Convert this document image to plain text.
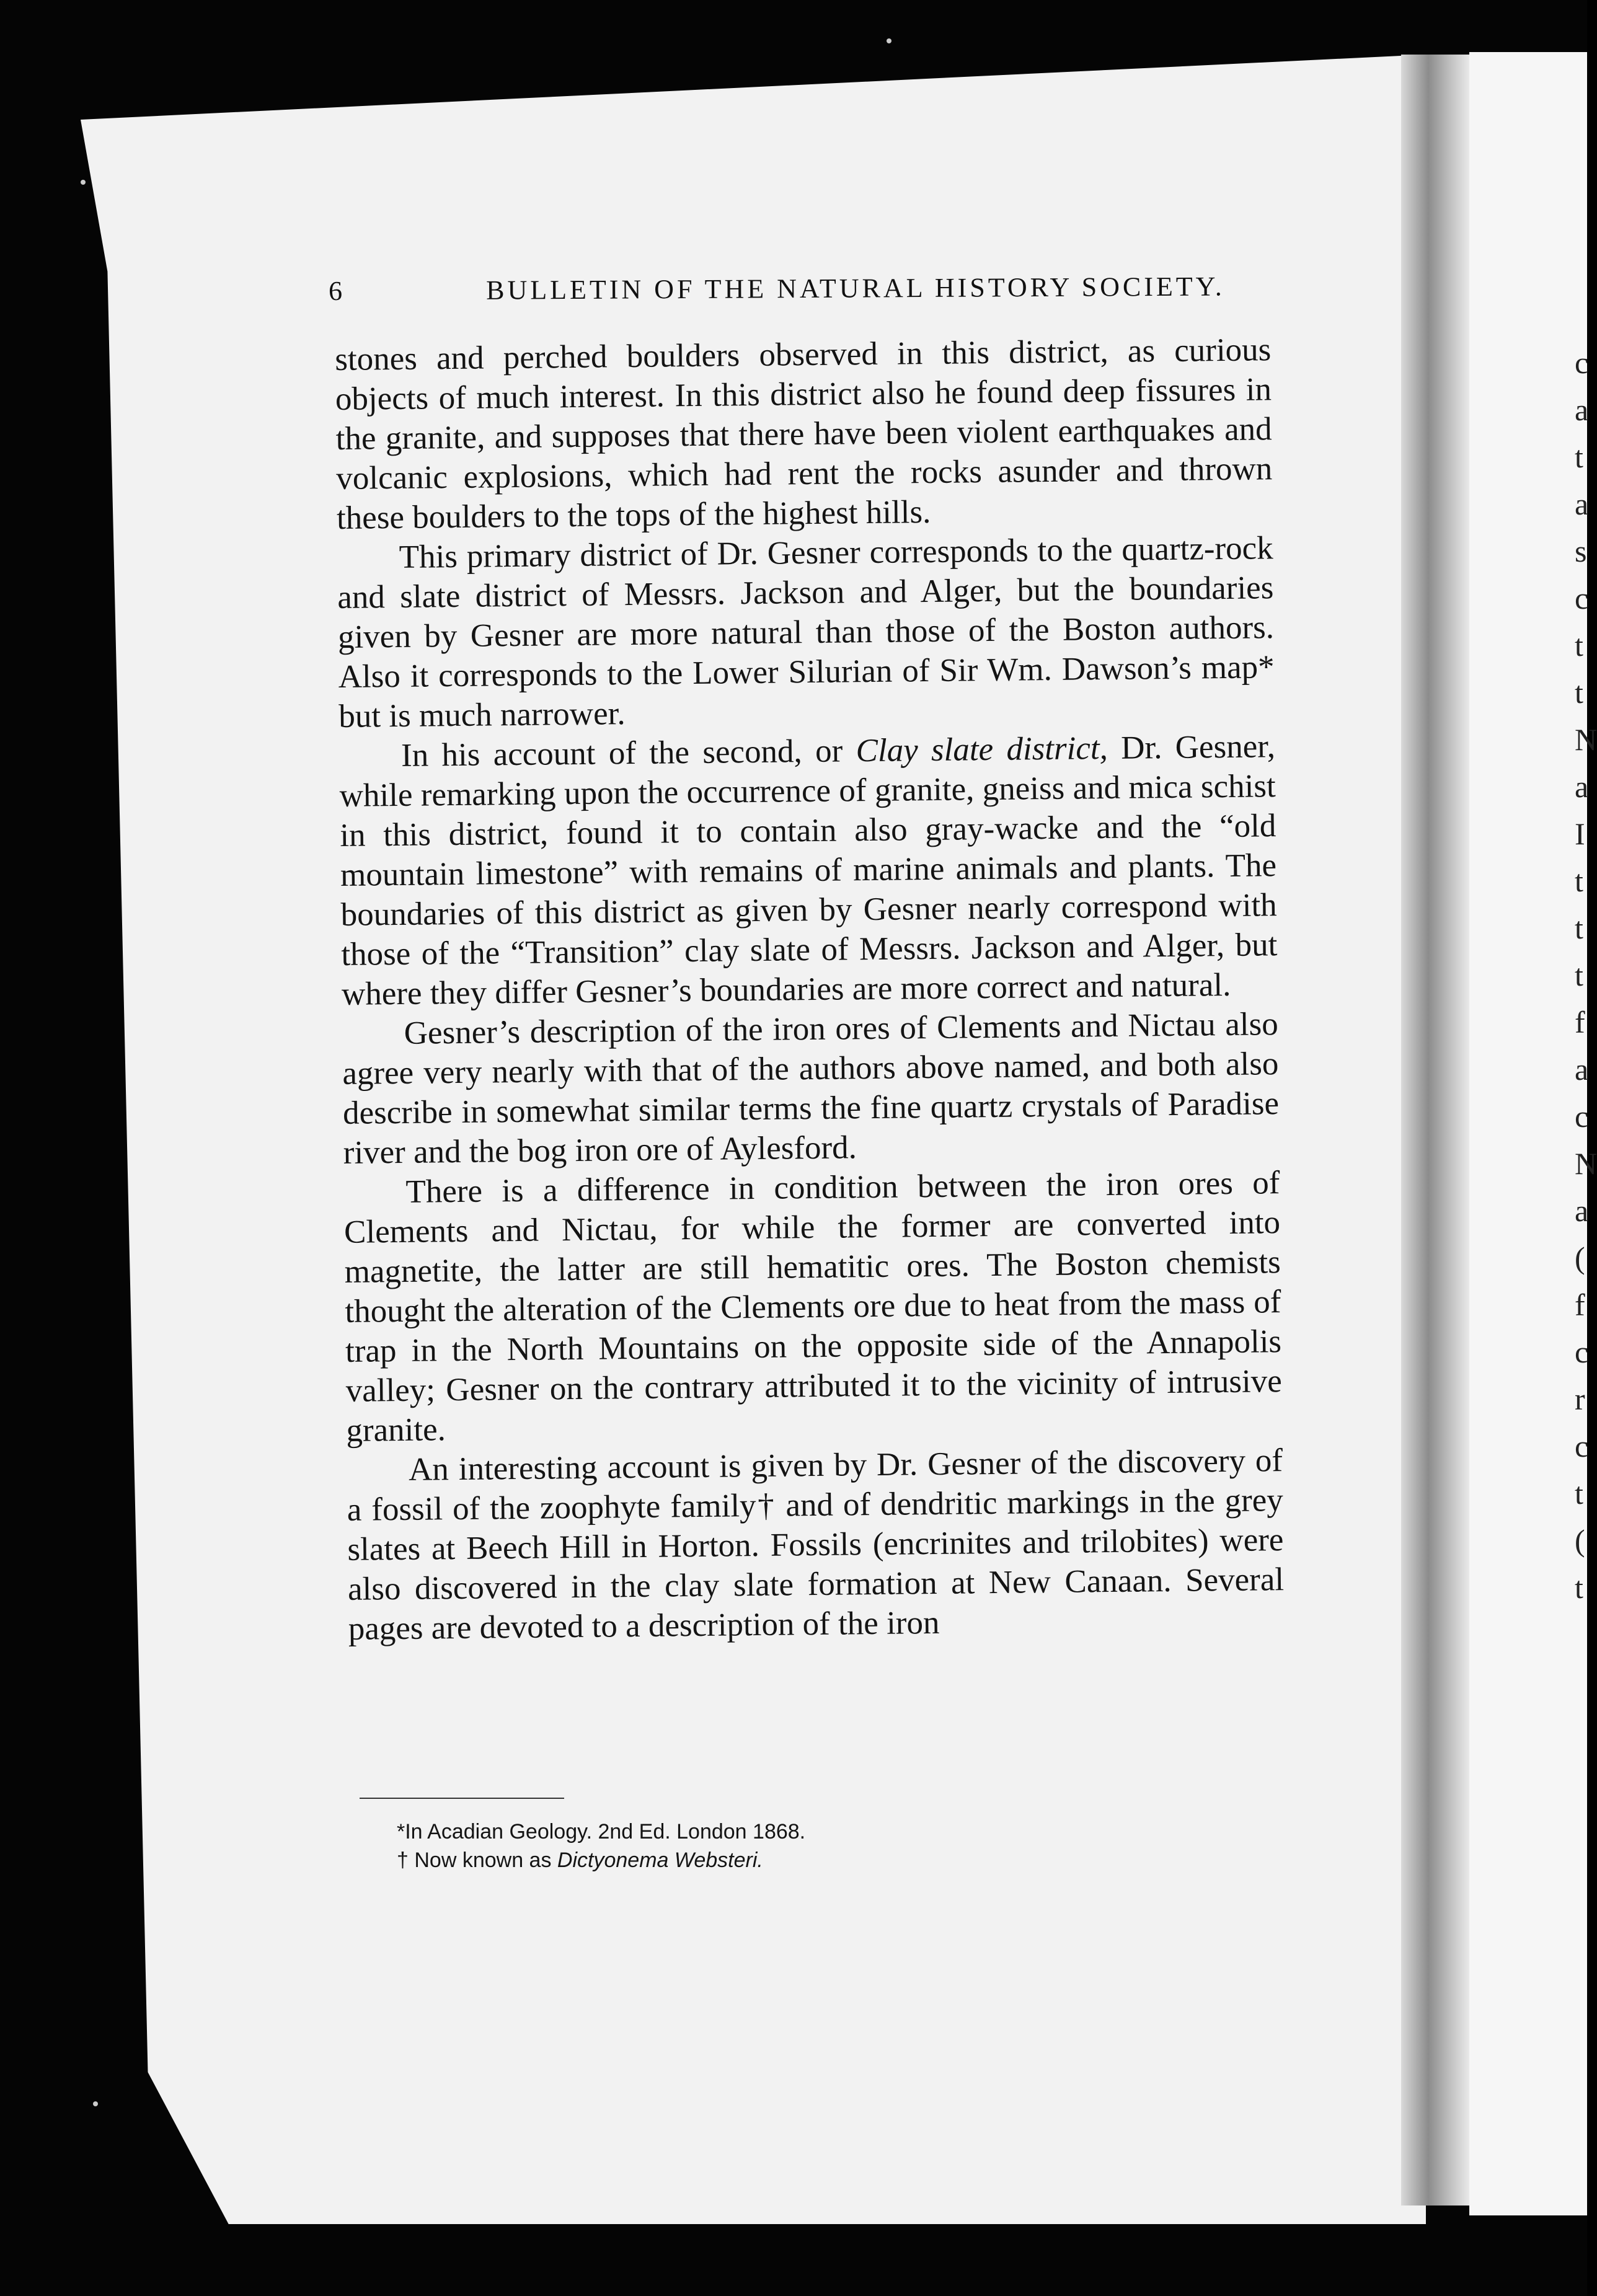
c
a
t
a
s
c
t
t
N
a
I
t
t
t
f
a
c
N
a
(
f
c
r
c
t
(
t
6	BULLETIN OF THE NATURAL HISTORY SOCIETY.

stones and perched boulders observed in this district, as curious objects of much interest. In this district also he found deep fissures in the granite, and supposes that there have been violent earthquakes and volcanic explosions, which had rent the rocks asunder and thrown these boulders to the tops of the highest hills.

This primary district of Dr. Gesner corresponds to the quartz-rock and slate district of Messrs. Jackson and Alger, but the boundaries given by Gesner are more natural than those of the Boston authors. Also it corresponds to the Lower Silurian of Sir Wm. Dawson’s map* but is much narrower.

In his account of the second, or Clay slate district, Dr. Gesner, while remarking upon the occurrence of granite, gneiss and mica schist in this district, found it to contain also gray-wacke and the “old mountain limestone” with remains of marine animals and plants. The boundaries of this district as given by Gesner nearly correspond with those of the “Transition” clay slate of Messrs. Jackson and Alger, but where they differ Gesner’s boundaries are more correct and natural.

Gesner’s description of the iron ores of Clements and Nictau also agree very nearly with that of the authors above named, and both also describe in somewhat similar terms the fine quartz crystals of Paradise river and the bog iron ore of Aylesford.

There is a difference in condition between the iron ores of Clements and Nictau, for while the former are converted into magnetite, the latter are still hematitic ores. The Boston chemists thought the alteration of the Clements ore due to heat from the mass of trap in the North Mountains on the opposite side of the Annapolis valley; Gesner on the contrary attributed it to the vicinity of intrusive granite.

An interesting account is given by Dr. Gesner of the discovery of a fossil of the zoophyte family† and of dendritic markings in the grey slates at Beech Hill in Horton. Fossils (encrinites and trilobites) were also discovered in the clay slate formation at New Canaan. Several pages are devoted to a description of the iron

*In Acadian Geology. 2nd Ed. London 1868.
† Now known as Dictyonema Websteri.
